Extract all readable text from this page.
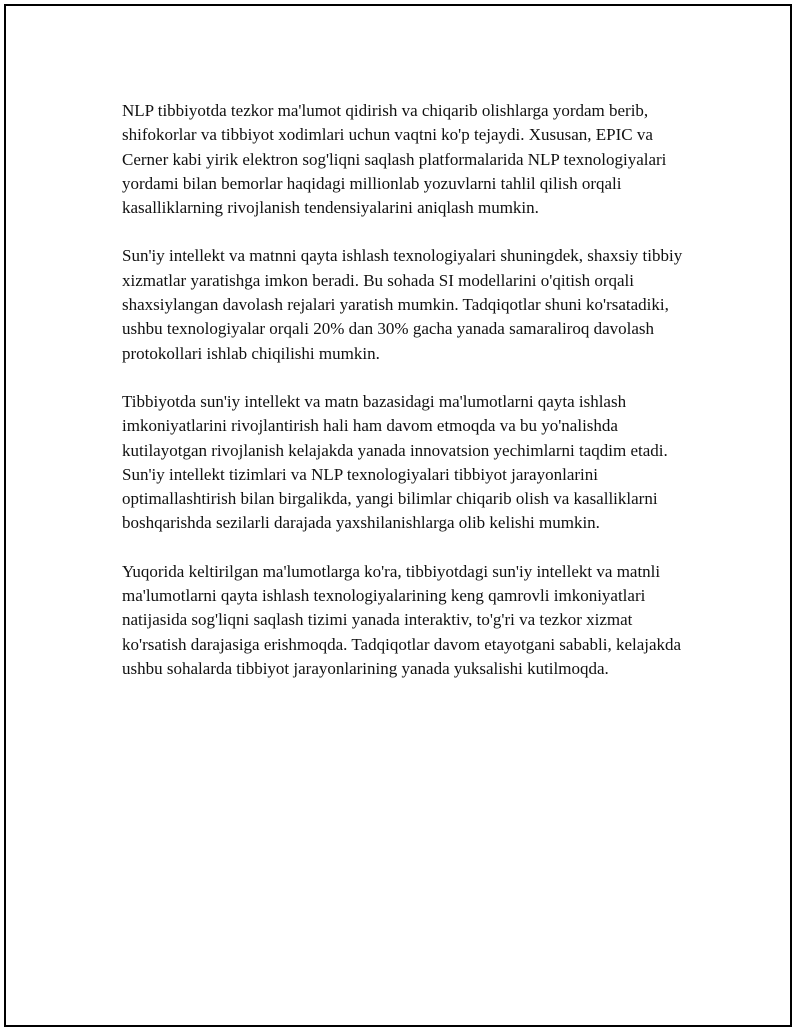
NLP tibbiyotda tezkor ma'lumot qidirish va chiqarib olishlarga yordam berib, shifokorlar va tibbiyot xodimlari uchun vaqtni ko'p tejaydi. Xususan, EPIC va Cerner kabi yirik elektron sog'liqni saqlash platformalarida NLP texnologiyalari yordami bilan bemorlar haqidagi millionlab yozuvlarni tahlil qilish orqali kasalliklarning rivojlanish tendensiyalarini aniqlash mumkin.

Sun'iy intellekt va matnni qayta ishlash texnologiyalari shuningdek, shaxsiy tibbiy xizmatlar yaratishga imkon beradi. Bu sohada SI modellarini o'qitish orqali shaxsiylangan davolash rejalari yaratish mumkin. Tadqiqotlar shuni ko'rsatadiki, ushbu texnologiyalar orqali 20% dan 30% gacha yanada samaraliroq davolash protokollari ishlab chiqilishi mumkin.

Tibbiyotda sun'iy intellekt va matn bazasidagi ma'lumotlarni qayta ishlash imkoniyatlarini rivojlantirish hali ham davom etmoqda va bu yo'nalishda kutilayotgan rivojlanish kelajakda yanada innovatsion yechimlarni taqdim etadi. Sun'iy intellekt tizimlari va NLP texnologiyalari tibbiyot jarayonlarini optimallashtirish bilan birgalikda, yangi bilimlar chiqarib olish va kasalliklarni boshqarishda sezilarli darajada yaxshilanishlarga olib kelishi mumkin.

Yuqorida keltirilgan ma'lumotlarga ko'ra, tibbiyotdagi sun'iy intellekt va matnli ma'lumotlarni qayta ishlash texnologiyalarining keng qamrovli imkoniyatlari natijasida sog'liqni saqlash tizimi yanada interaktiv, to'g'ri va tezkor xizmat ko'rsatish darajasiga erishmoqda. Tadqiqotlar davom etayotgani sababli, kelajakda ushbu sohalarda tibbiyot jarayonlarining yanada yuksalishi kutilmoqda.
